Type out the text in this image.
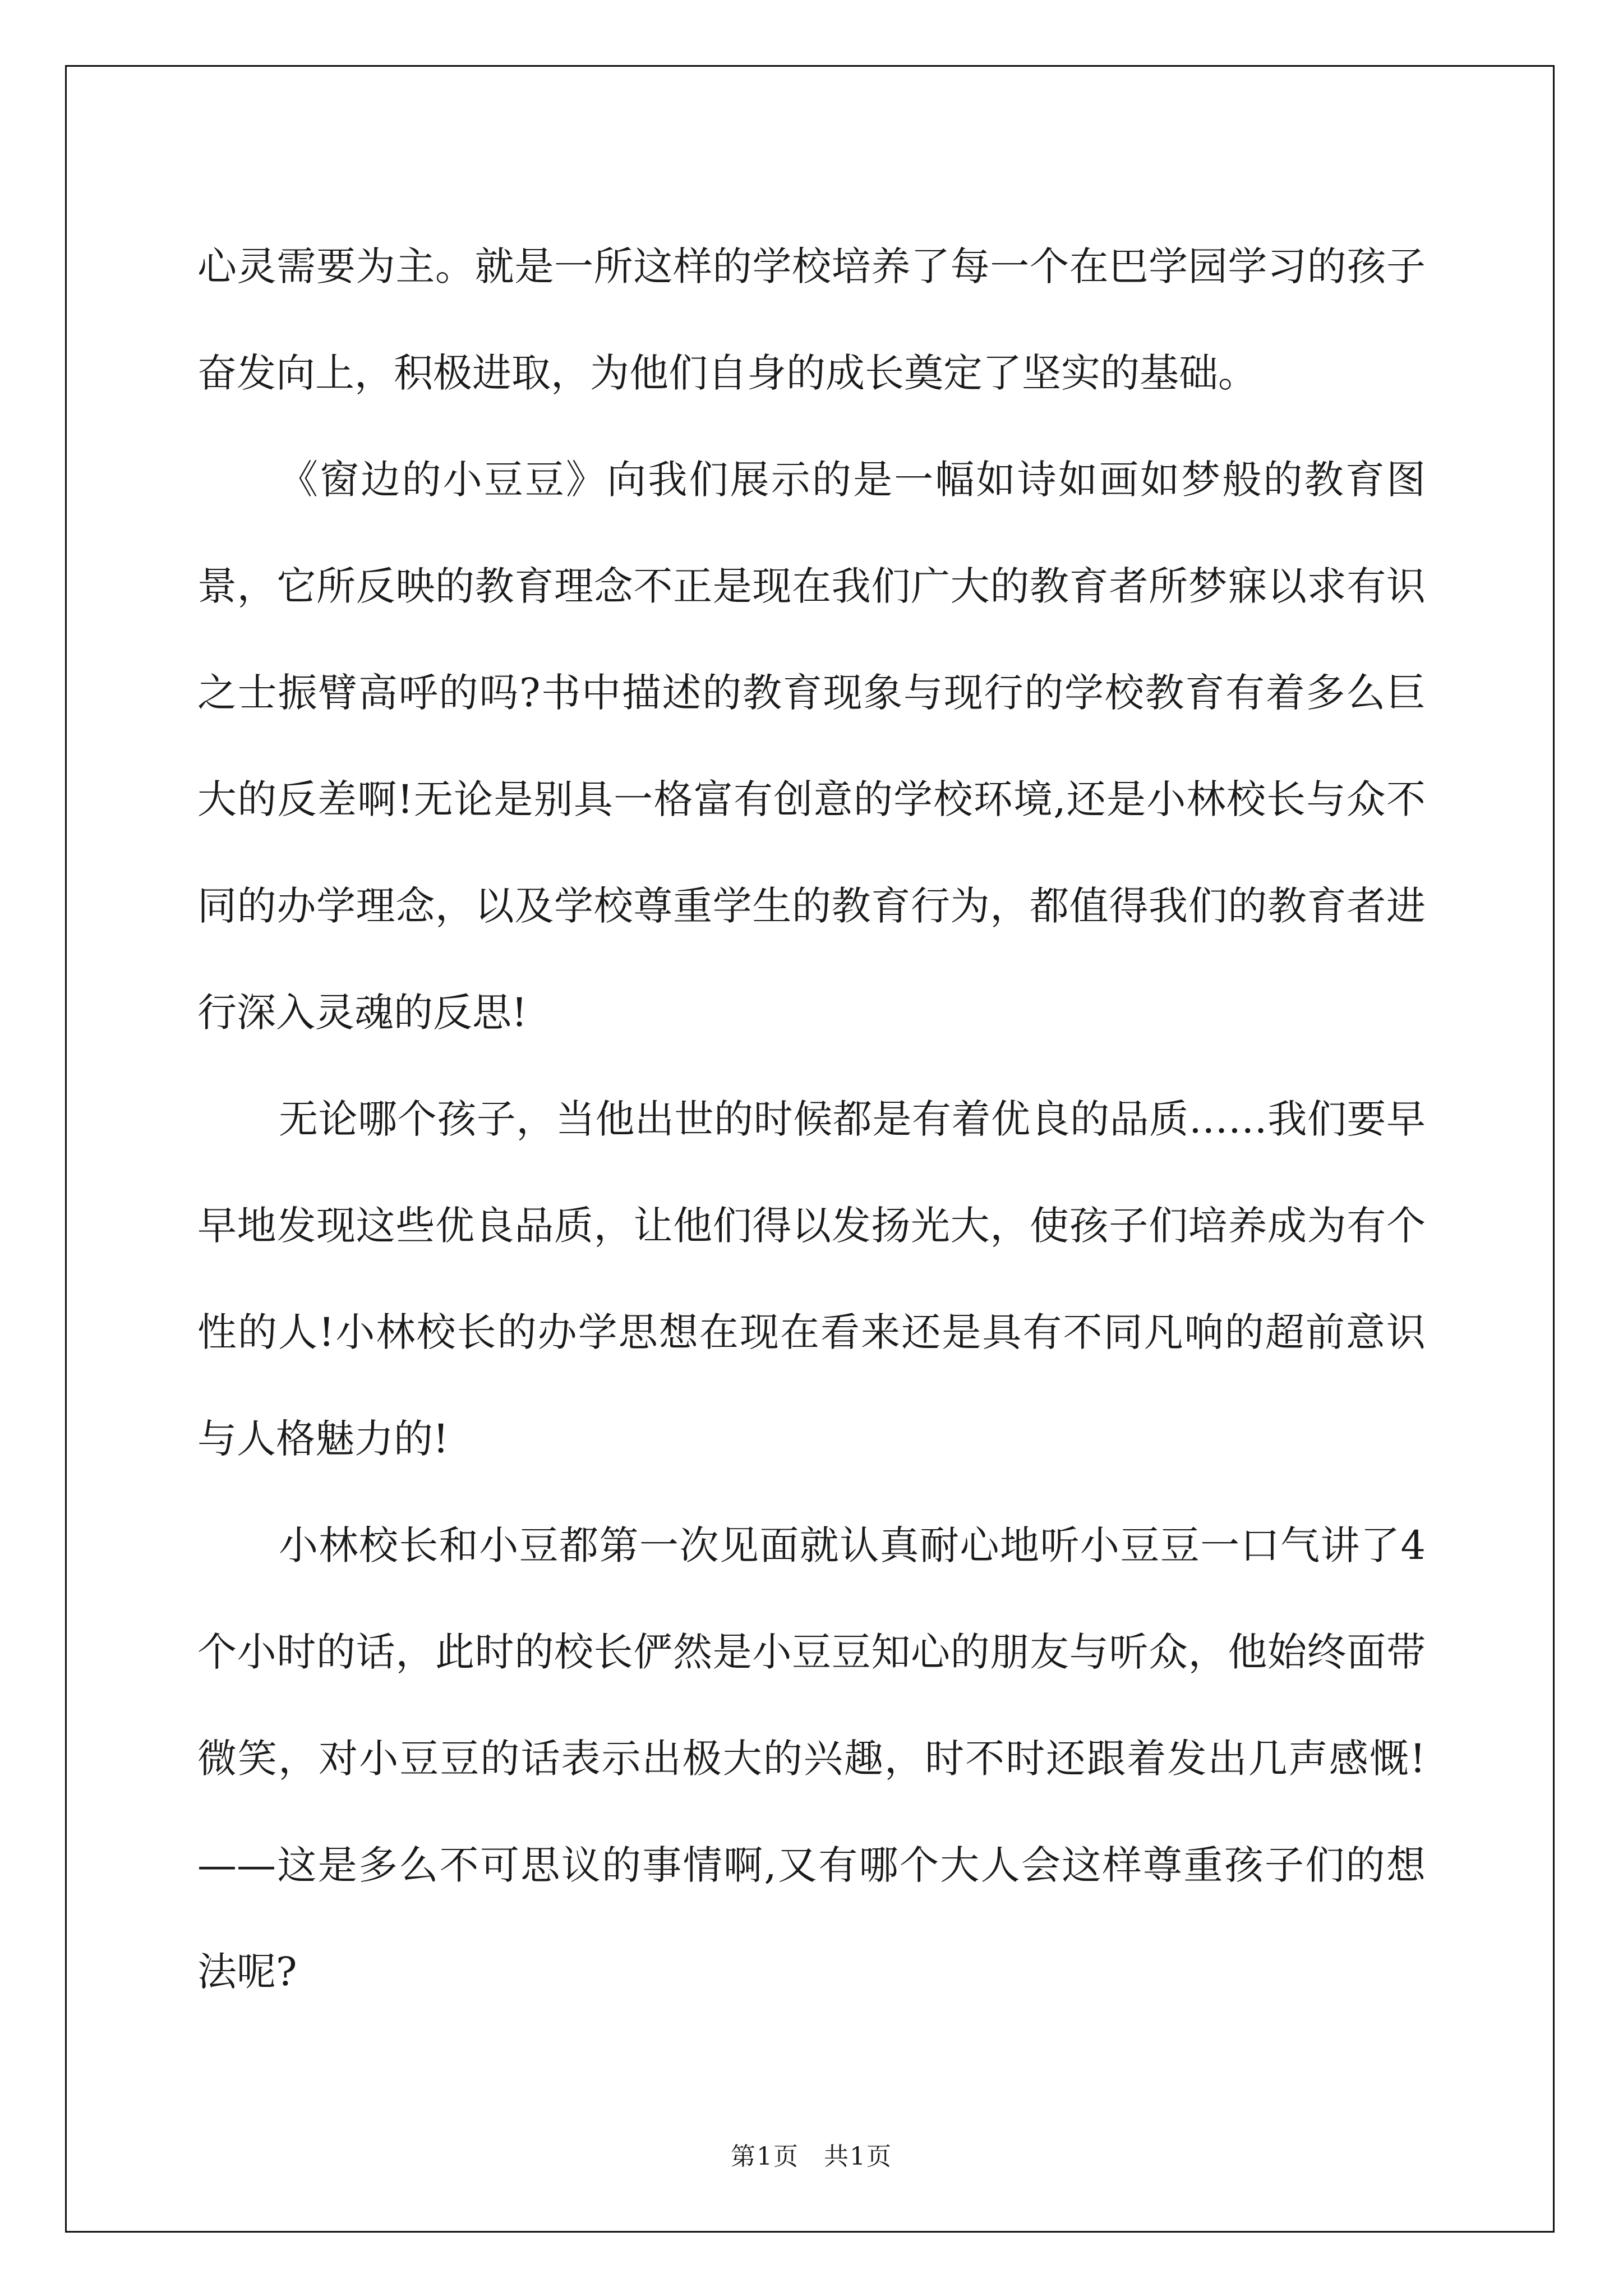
心灵需要为主。就是一所这样的学校培养了每一个在巴学园学习的孩子奋发向上，积极进取，为他们自身的成长奠定了坚实的基础。

《窗边的小豆豆》向我们展示的是一幅如诗如画如梦般的教育图景，它所反映的教育理念不正是现在我们广大的教育者所梦寐以求有识之士振臂高呼的吗?书中描述的教育现象与现行的学校教育有着多么巨大的反差啊!无论是别具一格富有创意的学校环境,还是小林校长与众不同的办学理念，以及学校尊重学生的教育行为，都值得我们的教育者进行深入灵魂的反思!

无论哪个孩子，当他出世的时候都是有着优良的品质……我们要早早地发现这些优良品质，让他们得以发扬光大，使孩子们培养成为有个性的人!小林校长的办学思想在现在看来还是具有不同凡响的超前意识与人格魅力的!

小林校长和小豆都第一次见面就认真耐心地听小豆豆一口气讲了4个小时的话，此时的校长俨然是小豆豆知心的朋友与听众，他始终面带微笑，对小豆豆的话表示出极大的兴趣，时不时还跟着发出几声感慨!——这是多么不可思议的事情啊,又有哪个大人会这样尊重孩子们的想法呢?

第1页 共1页
